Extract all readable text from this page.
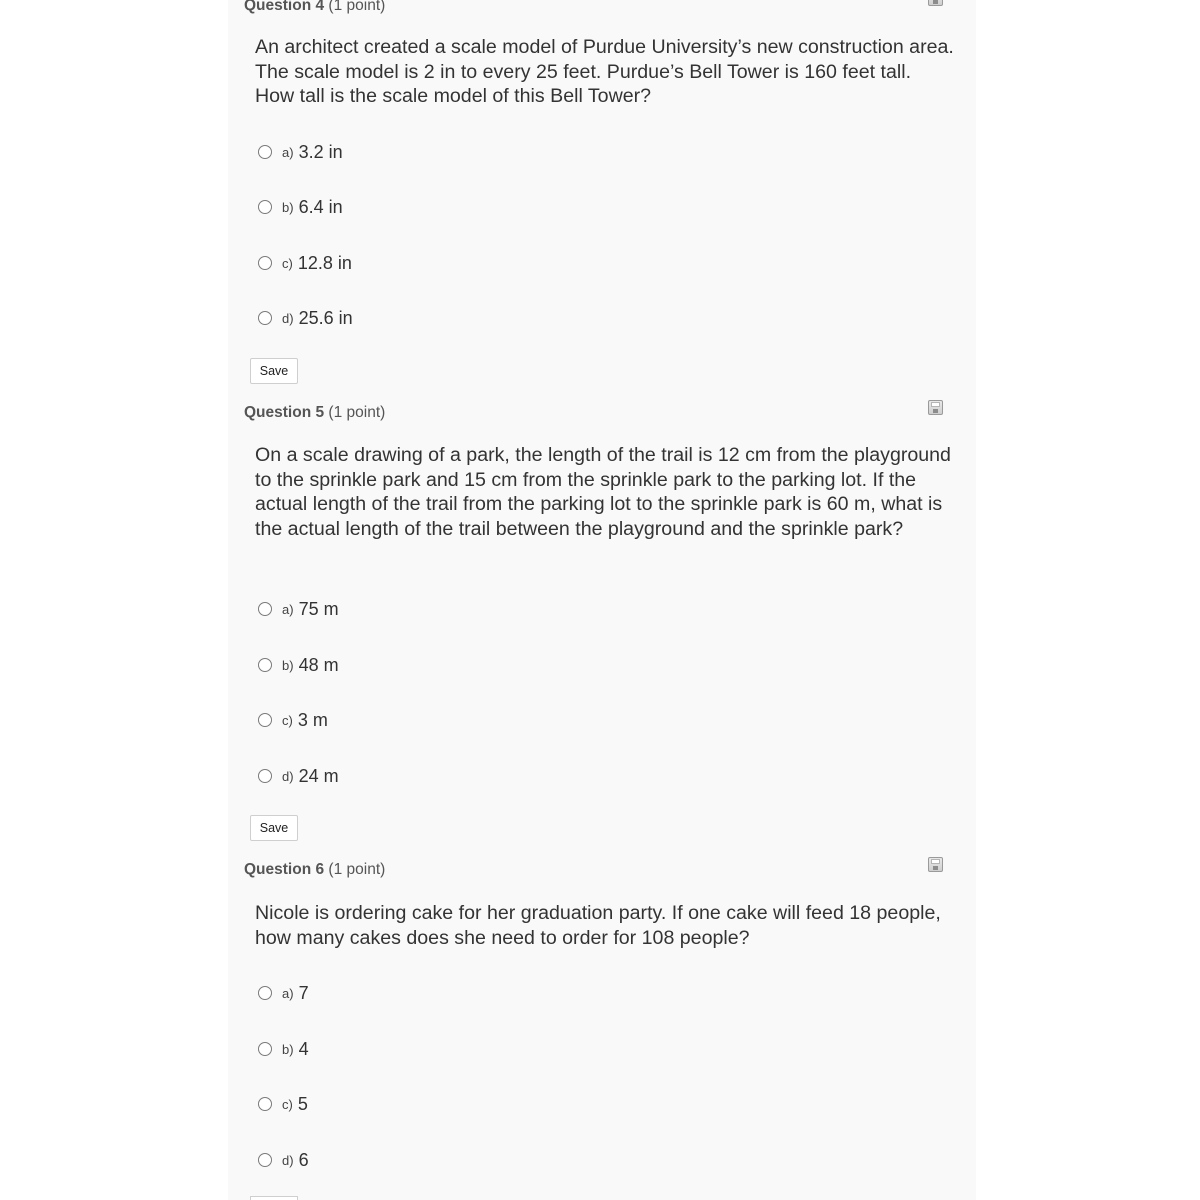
Question 4 (1 point)
An architect created a scale model of Purdue University’s new construction area. The scale model is 2 in to every 25 feet. Purdue’s Bell Tower is 160 feet tall. How tall is the scale model of this Bell Tower?
a) 3.2 in
b) 6.4 in
c) 12.8 in
d) 25.6 in
Save
Question 5 (1 point)
On a scale drawing of a park, the length of the trail is 12 cm from the playground to the sprinkle park and 15 cm from the sprinkle park to the parking lot. If the actual length of the trail from the parking lot to the sprinkle park is 60 m, what is the actual length of the trail between the playground and the sprinkle park?
a) 75 m
b) 48 m
c) 3 m
d) 24 m
Save
Question 6 (1 point)
Nicole is ordering cake for her graduation party. If one cake will feed 18 people, how many cakes does she need to order for 108 people?
a) 7
b) 4
c) 5
d) 6
